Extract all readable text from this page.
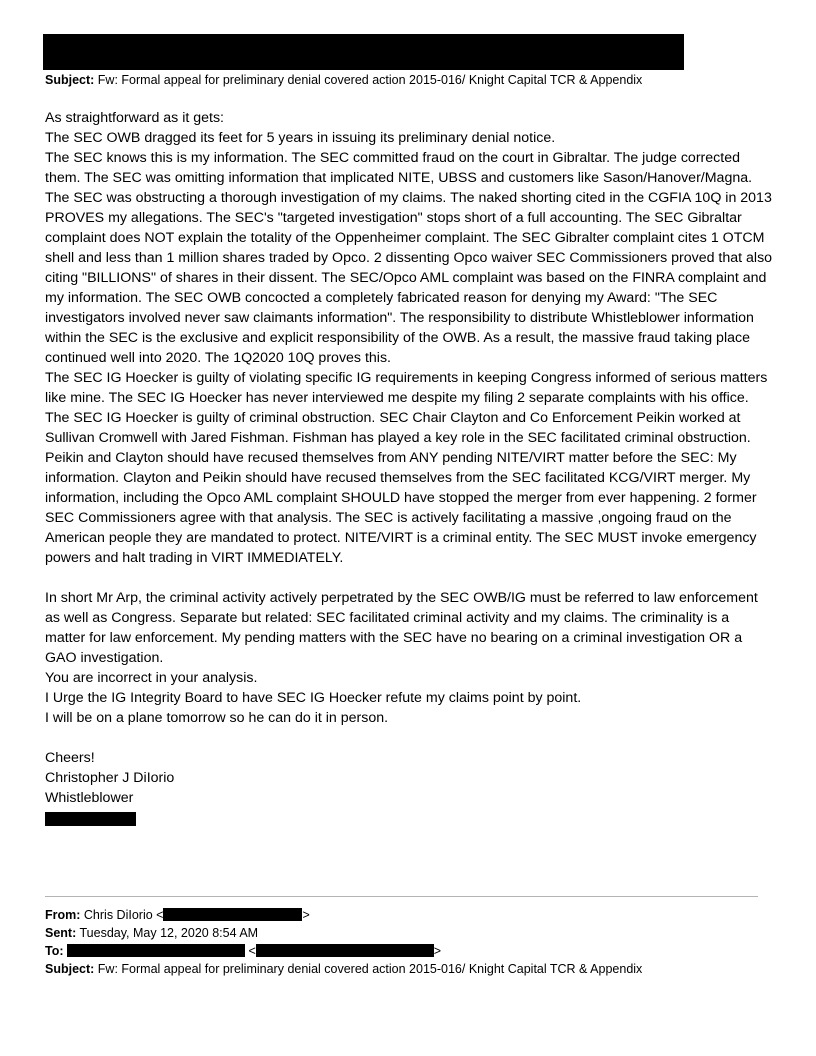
Subject: Fw: Formal appeal for preliminary denial covered action 2015-016/ Knight Capital TCR & Appendix

As straightforward as it gets:

The SEC OWB dragged its feet for 5 years in issuing its preliminary denial notice.

The SEC knows this is my information. The SEC committed fraud on the court in Gibraltar. The judge corrected them. The SEC was omitting information that implicated NITE, UBSS and customers like Sason/Hanover/Magna. The SEC was obstructing a thorough investigation of my claims. The naked shorting cited in the CGFIA 10Q in 2013 PROVES my allegations. The SEC's "targeted investigation" stops short of a full accounting. The SEC Gibraltar complaint does NOT explain the totality of the Oppenheimer complaint. The SEC Gibralter complaint cites 1 OTCM shell and less than 1 million shares traded by Opco. 2 dissenting Opco waiver SEC Commissioners proved that also citing "BILLIONS" of shares in their dissent. The SEC/Opco AML complaint was based on the FINRA complaint and my information. The SEC OWB concocted a completely fabricated reason for denying my Award: "The SEC investigators involved never saw claimants information". The responsibility to distribute Whistleblower information within the SEC is the exclusive and explicit responsibility of the OWB. As a result, the massive fraud taking place continued well into 2020. The 1Q2020 10Q proves this.

The SEC IG Hoecker is guilty of violating specific IG requirements in keeping Congress informed of serious matters like mine. The SEC IG Hoecker has never interviewed me despite my filing 2 separate complaints with his office. The SEC IG Hoecker is guilty of criminal obstruction. SEC Chair Clayton and Co Enforcement Peikin worked at Sullivan Cromwell with Jared Fishman. Fishman has played a key role in the SEC facilitated criminal obstruction. Peikin and Clayton should have recused themselves from ANY pending NITE/VIRT matter before the SEC: My information. Clayton and Peikin should have recused themselves from the SEC facilitated KCG/VIRT merger. My information, including the Opco AML complaint SHOULD have stopped the merger from ever happening. 2 former SEC Commissioners agree with that analysis. The SEC is actively facilitating a massive ,ongoing fraud on the American people they are mandated to protect. NITE/VIRT is a criminal entity. The SEC MUST invoke emergency powers and halt trading in VIRT IMMEDIATELY.

In short Mr Arp, the criminal activity actively perpetrated by the SEC OWB/IG must be referred to law enforcement as well as Congress. Separate but related: SEC facilitated criminal activity and my claims. The criminality is a matter for law enforcement. My pending matters with the SEC have no bearing on a criminal investigation OR a GAO investigation.

You are incorrect in your analysis.

I Urge the IG Integrity Board to have SEC IG Hoecker refute my claims point by point.

I will be on a plane tomorrow so he can do it in person.

Cheers!

Christopher J DiIorio

Whistleblower

From: Chris DiIorio <	>
Sent: Tuesday, May 12, 2020 8:54 AM
To:	<	>
Subject: Fw: Formal appeal for preliminary denial covered action 2015-016/ Knight Capital TCR & Appendix
